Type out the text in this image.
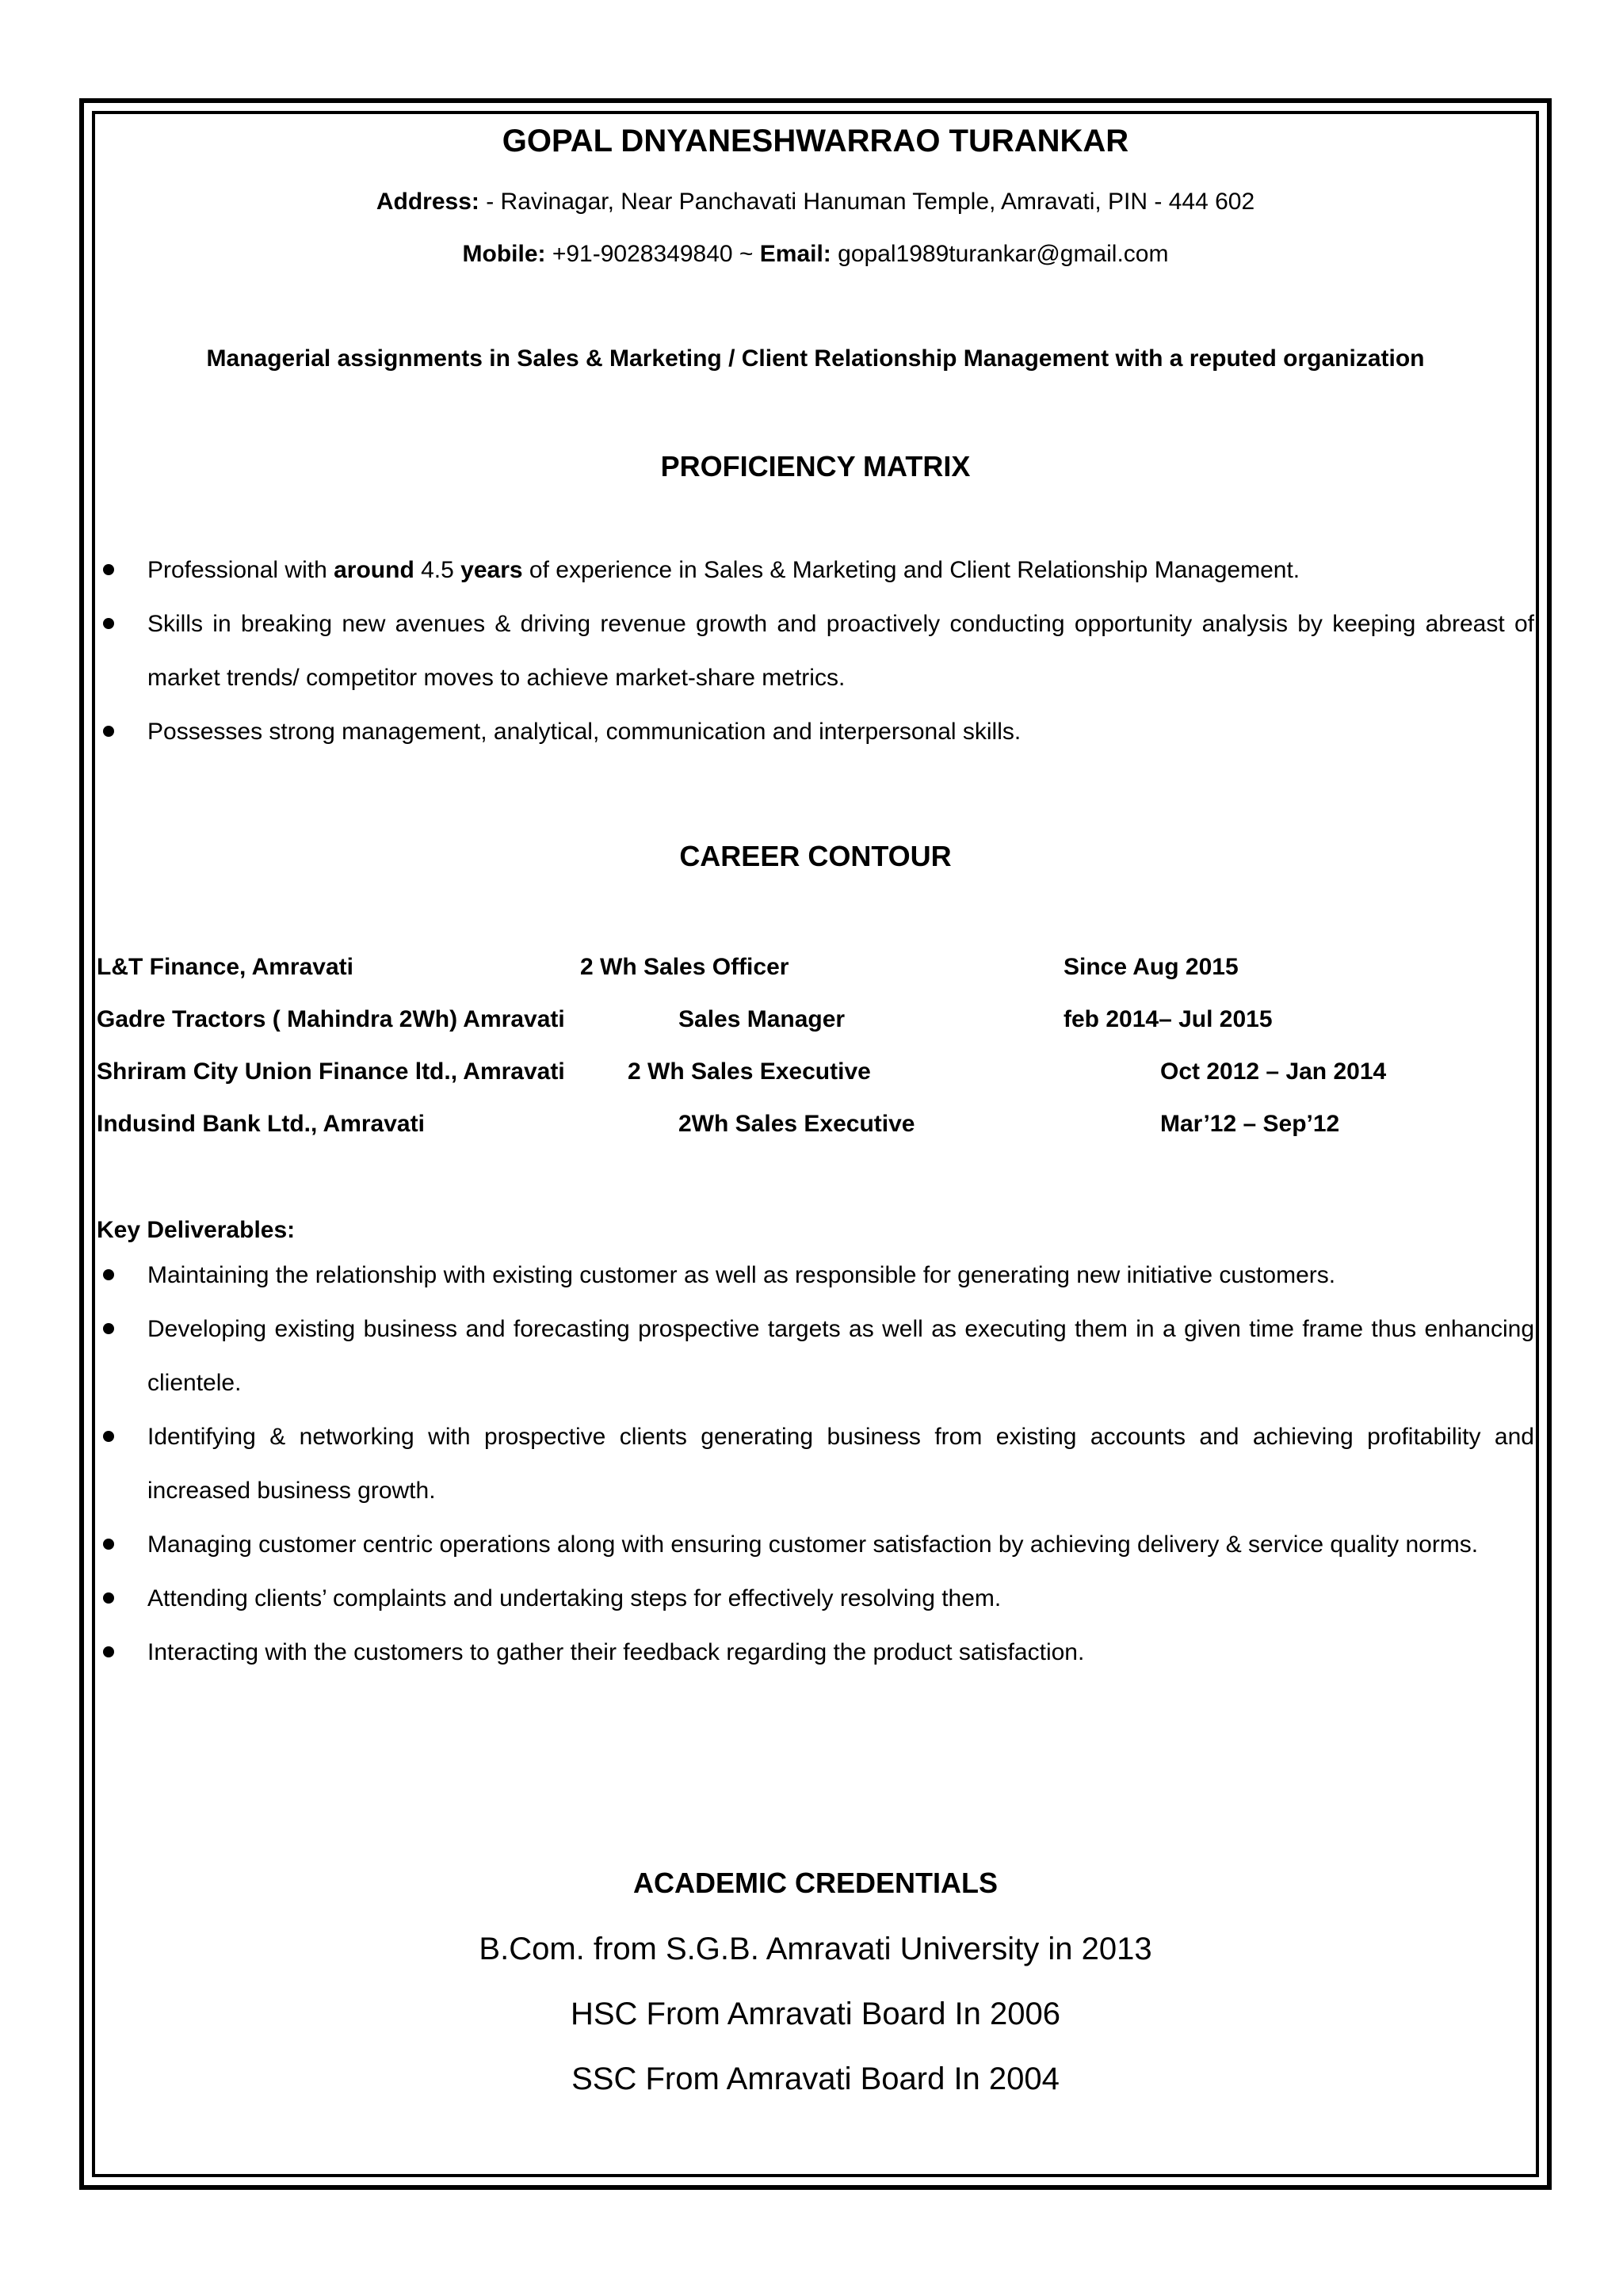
GOPAL DNYANESHWARRAO TURANKAR
Address: - Ravinagar, Near Panchavati Hanuman Temple, Amravati, PIN - 444 602
Mobile: +91-9028349840 ~ Email: gopal1989turankar@gmail.com
Managerial assignments in Sales & Marketing / Client Relationship Management with a reputed organization
PROFICIENCY MATRIX
Professional with around 4.5 years of experience in Sales & Marketing and Client Relationship Management.
Skills in breaking new avenues & driving revenue growth and proactively conducting opportunity analysis by keeping abreast of market trends/ competitor moves to achieve market-share metrics.
Possesses strong management, analytical, communication and interpersonal skills.
CAREER CONTOUR
L&T Finance, Amravati	2 Wh Sales Officer	Since Aug 2015
Gadre Tractors ( Mahindra 2Wh) Amravati	Sales Manager	feb 2014– Jul 2015
Shriram City Union Finance ltd., Amravati	2 Wh Sales Executive	Oct 2012 – Jan 2014
Indusind Bank Ltd., Amravati	2Wh Sales Executive	Mar’12 – Sep’12
Key Deliverables:
Maintaining the relationship with existing customer as well as responsible for generating new initiative customers.
Developing existing business and forecasting prospective targets as well as executing them in a given time frame thus enhancing clientele.
Identifying & networking with prospective clients generating business from existing accounts and achieving profitability and increased business growth.
Managing customer centric operations along with ensuring customer satisfaction by achieving delivery & service quality norms.
Attending clients’ complaints and undertaking steps for effectively resolving them.
Interacting with the customers to gather their feedback regarding the product satisfaction.
ACADEMIC CREDENTIALS
B.Com. from S.G.B. Amravati University in 2013
HSC From Amravati Board In 2006
SSC From Amravati Board In 2004
